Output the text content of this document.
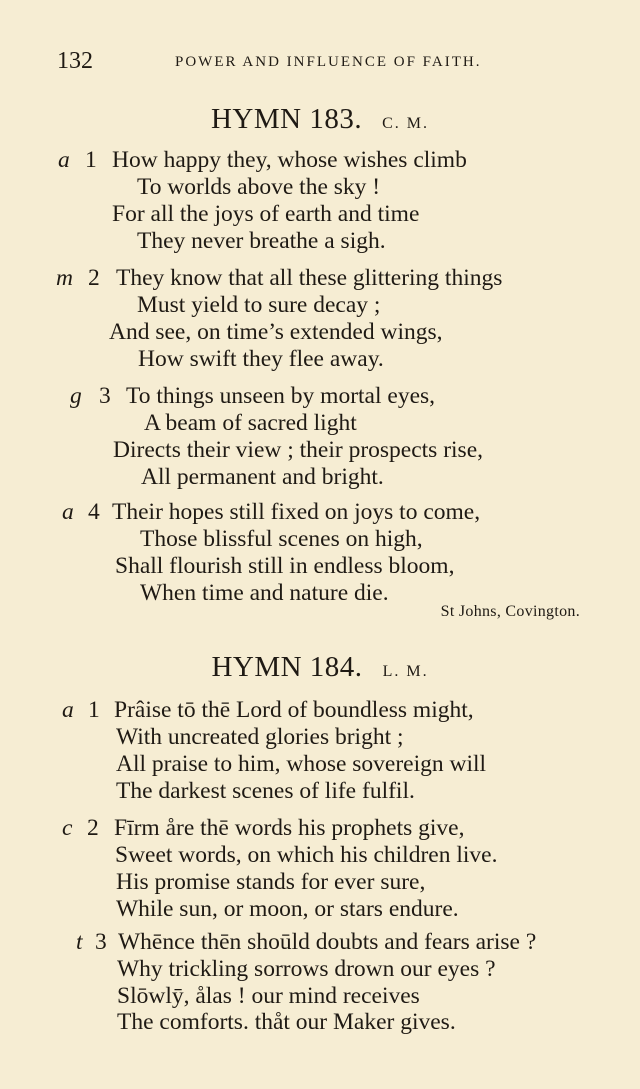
132	POWER AND INFLUENCE OF FAITH.
HYMN 183. C. M.
a 1 How happy they, whose wishes climb
To worlds above the sky !
For all the joys of earth and time
They never breathe a sigh.
m 2 They know that all these glittering things
Must yield to sure decay ;
And see, on time’s extended wings,
How swift they flee away.
g 3 To things unseen by mortal eyes,
A beam of sacred light
Directs their view ; their prospects rise,
All permanent and bright.
a 4 Their hopes still fixed on joys to come,
Those blissful scenes on high,
Shall flourish still in endless bloom,
When time and nature die.
St Johns, Covington.
HYMN 184. L. M.
a 1 Prâise tō thē Lord of boundless might,
With uncreated glories bright ;
All praise to him, whose sovereign will
The darkest scenes of life fulfil.
c 2 Fīrm åre thē words his prophets give,
Sweet words, on which his children live.
His promise stands for ever sure,
While sun, or moon, or stars endure.
t 3 Whēnce thēn shoūld doubts and fears arise ?
Why trickling sorrows drown our eyes ?
Slōwlȳ, ålas ! our mind receives
The comforts. thåt our Maker gives.
